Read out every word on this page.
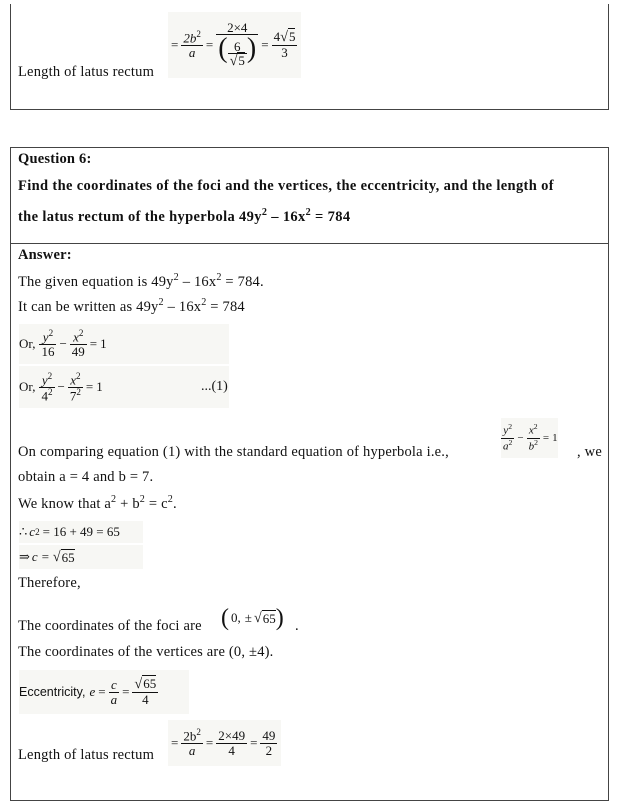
Length of latus rectum
= $\frac{2b^2}{a} = \frac{2\times 4}{( \frac{6}{√5} )} = \frac{4√5}{3}$
Question 6:
Find the coordinates of the foci and the vertices, the eccentricity, and the length of
the latus rectum of the hyperbola $49y^2 - 16x^2 = 784$
Answer:
The given equation is $49y^2 - 16x^2 = 784$.
It can be written as $49y^2 - 16x^2 = 784$
Or, $\frac{y^2}{16} - \frac{x^2}{49} = 1$
Or, $\frac{y^2}{4^2} - \frac{x^2}{7^2} = 1$	...(1)
On comparing equation (1) with the standard equation of hyperbola i.e.,	$\frac{y^2}{a^2} - \frac{x^2}{b^2} = 1$
, we
obtain a = 4 and b = 7.
We know that $a^2 + b^2 = c^2$.
∴ c 2 = 16 + 49 = 65
⇒ c = √ 65
Therefore,
The coordinates of the foci are ( 0, ± √ 65 ) .
The coordinates of the vertices are (0, ±4).
Eccentricity, $e = \frac{c}{a} = \frac{√65}{4}$
Length of latus rectum
= $\frac{2b^2}{a} = \frac{2\times 49}{4} = \frac{49}{2}$
